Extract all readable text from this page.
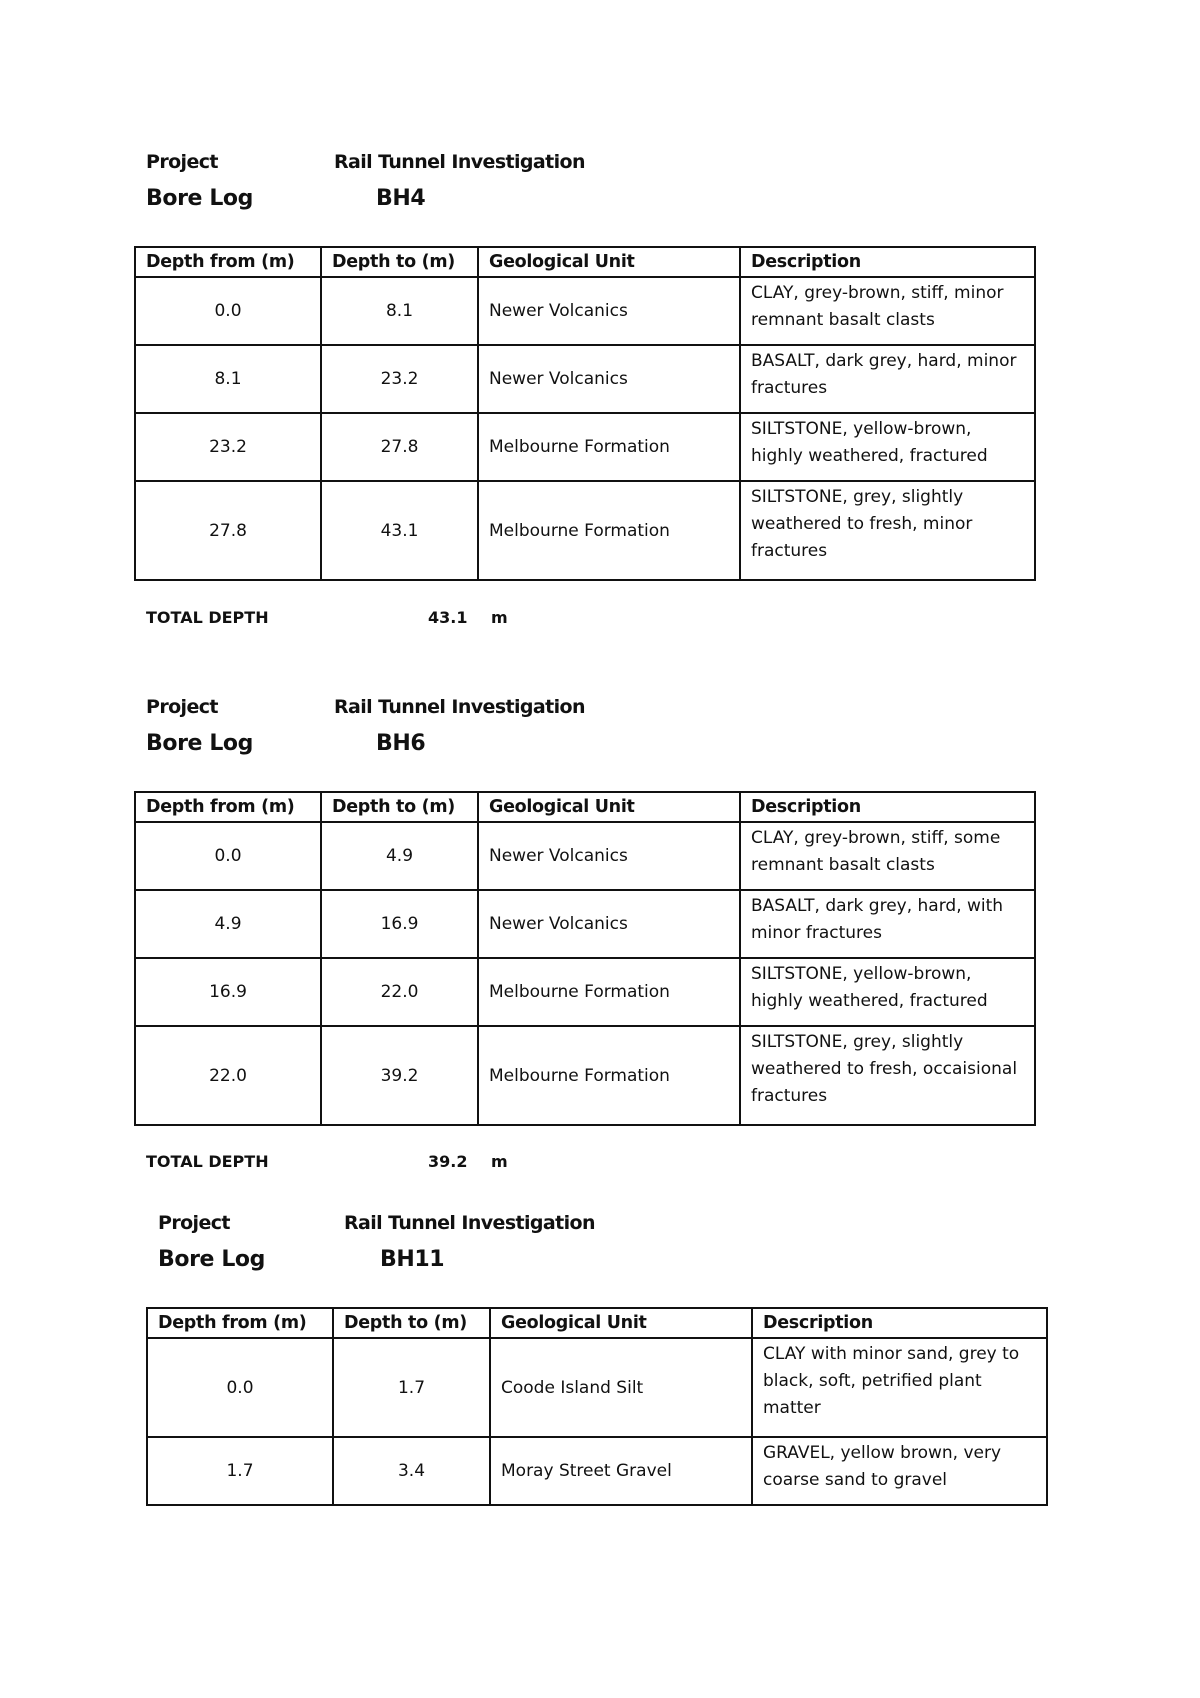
Project	Rail Tunnel Investigation
Bore Log	BH4
Depth from (m)	Depth to (m)	Geological Unit	Description
0.0	8.1	Newer Volcanics	CLAY, grey-brown, stiff, minor remnant basalt clasts
8.1	23.2	Newer Volcanics	BASALT, dark grey, hard, minor fractures
23.2	27.8	Melbourne Formation	SILTSTONE, yellow-brown, highly weathered, fractured
27.8	43.1	Melbourne Formation	SILTSTONE, grey, slightly weathered to fresh, minor fractures
TOTAL DEPTH	43.1 m
Project	Rail Tunnel Investigation
Bore Log	BH6
Depth from (m)	Depth to (m)	Geological Unit	Description
0.0	4.9	Newer Volcanics	CLAY, grey-brown, stiff, some remnant basalt clasts
4.9	16.9	Newer Volcanics	BASALT, dark grey, hard, with minor fractures
16.9	22.0	Melbourne Formation	SILTSTONE, yellow-brown, highly weathered, fractured
22.0	39.2	Melbourne Formation	SILTSTONE, grey, slightly weathered to fresh, occaisional fractures
TOTAL DEPTH	39.2 m
Project	Rail Tunnel Investigation
Bore Log	BH11
Depth from (m)	Depth to (m)	Geological Unit	Description
0.0	1.7	Coode Island Silt	CLAY with minor sand, grey to black, soft, petrified plant matter
1.7	3.4	Moray Street Gravel	GRAVEL, yellow brown, very coarse sand to gravel
